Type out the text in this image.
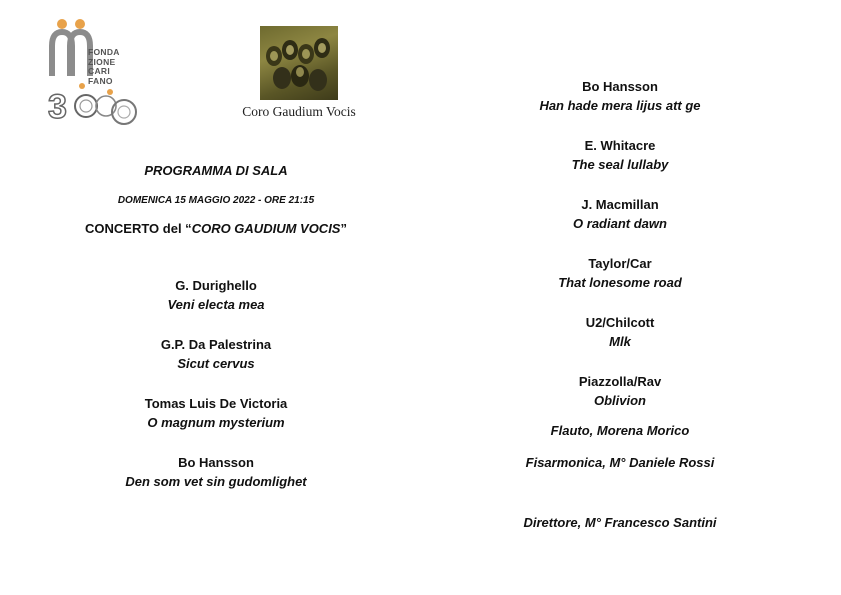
3
FONDA
ZIONE
CARI
FANO
Coro Gaudium Vocis
PROGRAMMA DI SALA
DOMENICA 15 MAGGIO 2022 - ORE 21:15
CONCERTO del “CORO GAUDIUM VOCIS”
G. Durighello
Veni electa mea
G.P. Da Palestrina
Sicut cervus
Tomas Luis De Victoria
O magnum mysterium
Bo Hansson
Den som vet sin gudomlighet
Bo Hansson
Han hade mera lijus att ge
E. Whitacre
The seal lullaby
J. Macmillan
O radiant dawn
Taylor/Car
That lonesome road
U2/Chilcott
Mlk
Piazzolla/Rav
Oblivion
Flauto, Morena Morico
Fisarmonica, M° Daniele Rossi
Direttore, M° Francesco Santini
